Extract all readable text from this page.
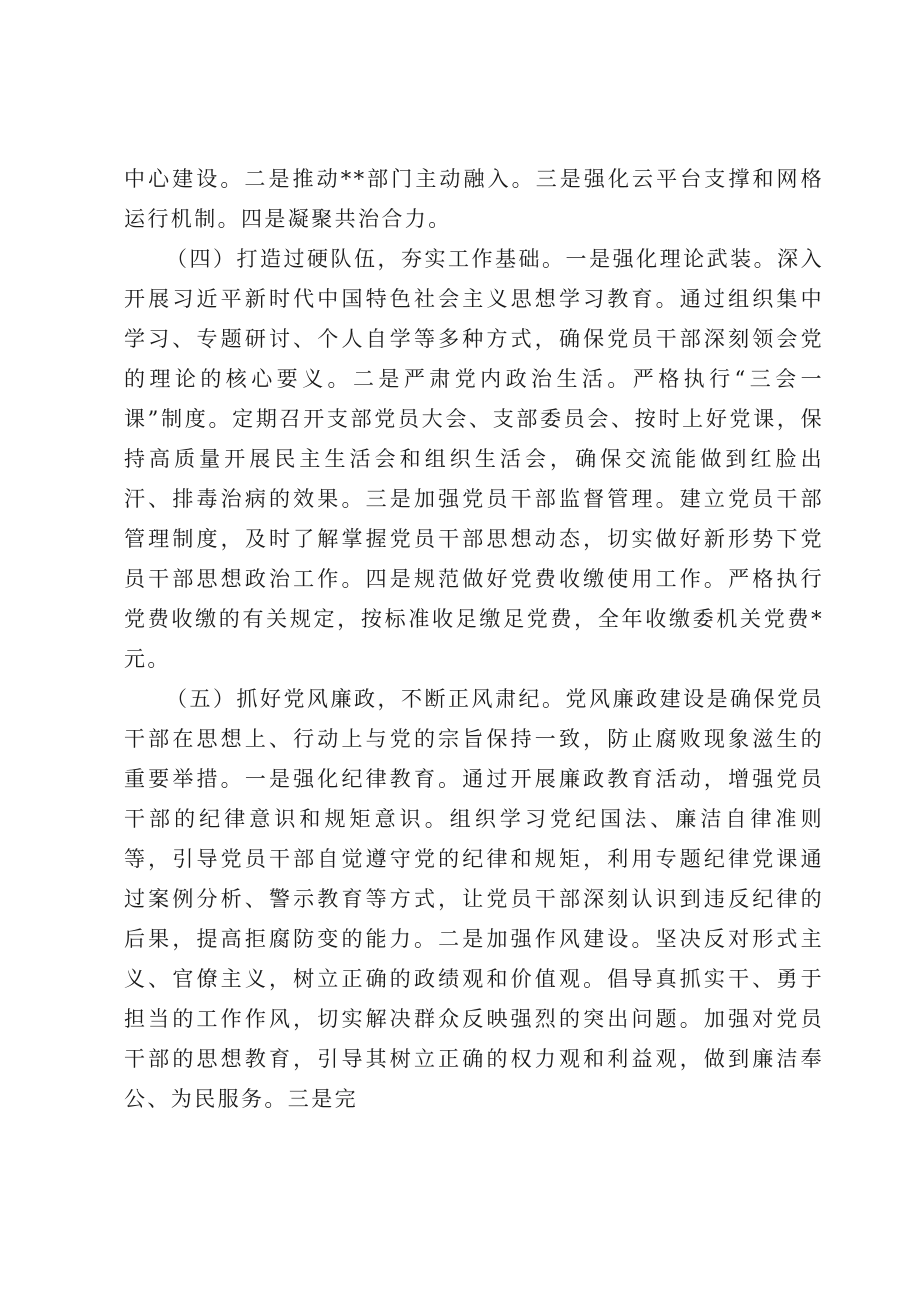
中心建设。二是推动**部门主动融入。三是强化云平台支撑和网格运行机制。四是凝聚共治合力。

（四）打造过硬队伍，夯实工作基础。一是强化理论武装。深入开展习近平新时代中国特色社会主义思想学习教育。通过组织集中学习、专题研讨、个人自学等多种方式，确保党员干部深刻领会党的理论的核心要义。二是严肃党内政治生活。严格执行“三会一课”制度。定期召开支部党员大会、支部委员会、按时上好党课，保持高质量开展民主生活会和组织生活会，确保交流能做到红脸出汗、排毒治病的效果。三是加强党员干部监督管理。建立党员干部管理制度，及时了解掌握党员干部思想动态，切实做好新形势下党员干部思想政治工作。四是规范做好党费收缴使用工作。严格执行党费收缴的有关规定，按标准收足缴足党费，全年收缴委机关党费*元。

（五）抓好党风廉政，不断正风肃纪。党风廉政建设是确保党员干部在思想上、行动上与党的宗旨保持一致，防止腐败现象滋生的重要举措。一是强化纪律教育。通过开展廉政教育活动，增强党员干部的纪律意识和规矩意识。组织学习党纪国法、廉洁自律准则等，引导党员干部自觉遵守党的纪律和规矩，利用专题纪律党课通过案例分析、警示教育等方式，让党员干部深刻认识到违反纪律的后果，提高拒腐防变的能力。二是加强作风建设。坚决反对形式主义、官僚主义，树立正确的政绩观和价值观。倡导真抓实干、勇于担当的工作作风，切实解决群众反映强烈的突出问题。加强对党员干部的思想教育，引导其树立正确的权力观和利益观，做到廉洁奉公、为民服务。三是完
